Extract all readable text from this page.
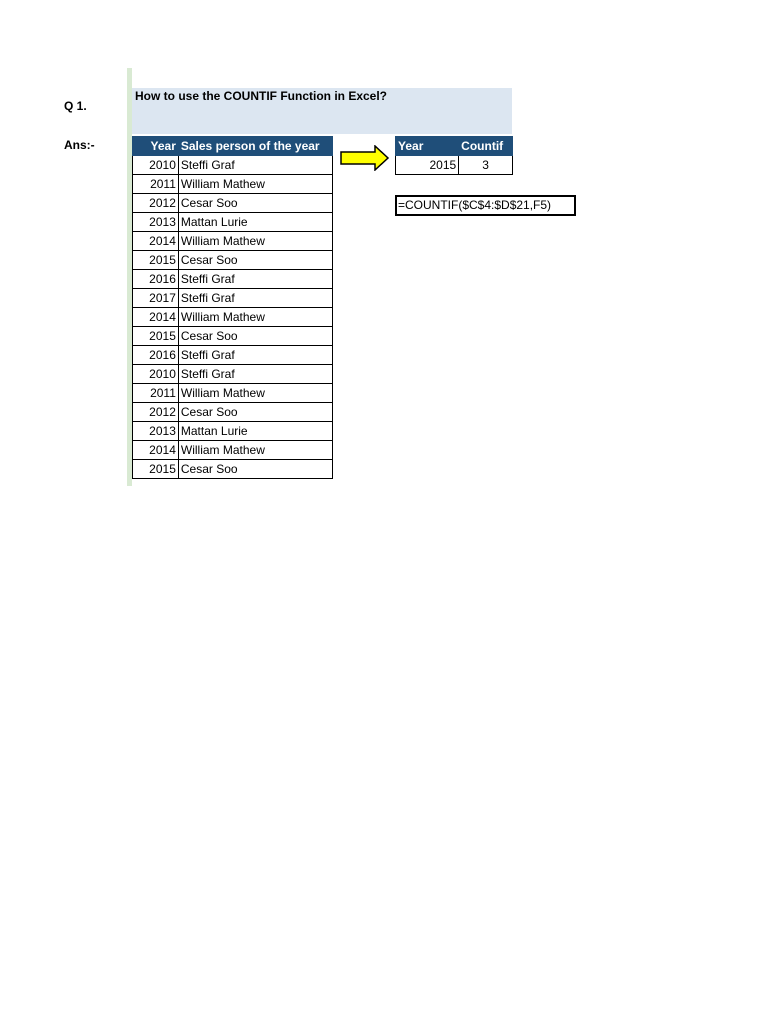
Q 1.
Ans:-
How to use the COUNTIF Function in Excel?
Year	Sales person of the year
2010	Steffi Graf
2011	William Mathew
2012	Cesar Soo
2013	Mattan Lurie
2014	William Mathew
2015	Cesar Soo
2016	Steffi Graf
2017	Steffi Graf
2014	William Mathew
2015	Cesar Soo
2016	Steffi Graf
2010	Steffi Graf
2011	William Mathew
2012	Cesar Soo
2013	Mattan Lurie
2014	William Mathew
2015	Cesar Soo
Year	Countif
2015	3
=COUNTIF($C$4:$D$21,F5)
